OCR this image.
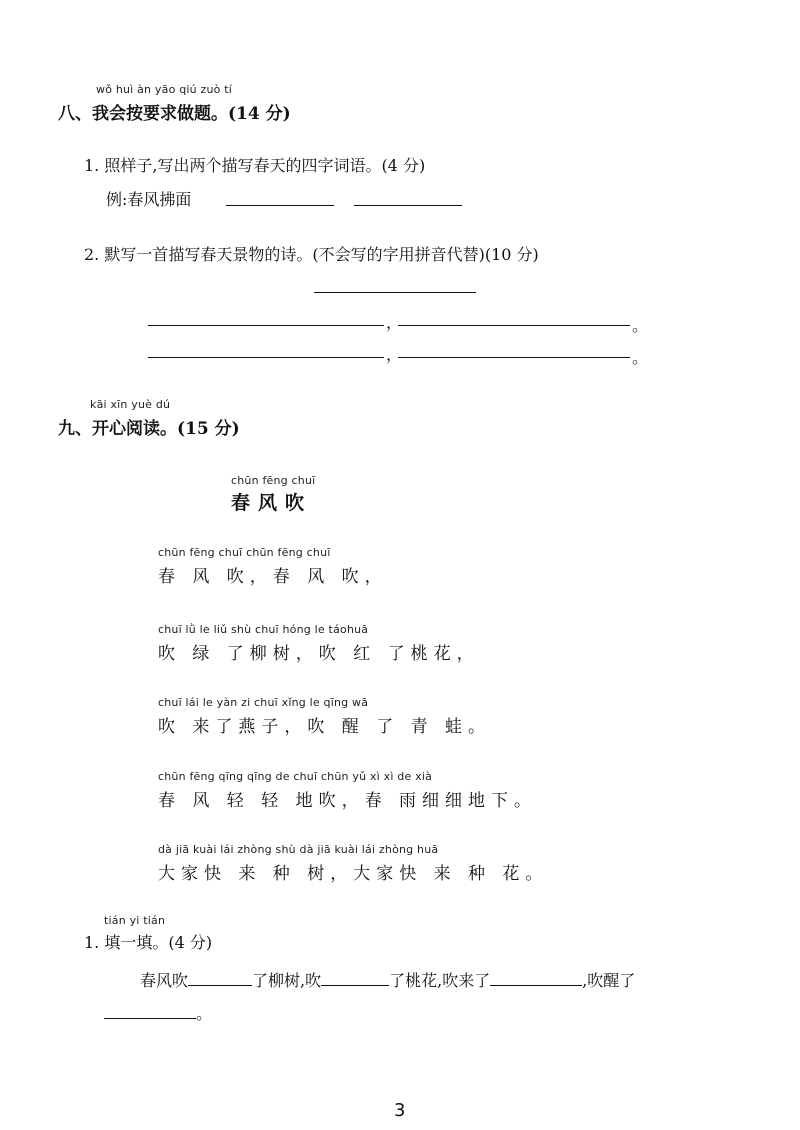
wǒ huì àn yāo qiú zuò tí
八、我会按要求做题。(14 分)
1. 照样子,写出两个描写春天的四字词语。(4 分)
例:春风拂面
2. 默写一首描写春天景物的诗。(不会写的字用拼音代替)(10 分)
，	。
，	。
kāi xīn yuè dú
九、开心阅读。(15 分)
chūn fēng chuī
春风吹
chūn fēng chuī chūn fēng chuī
春 风 吹，春 风 吹，
chuī lǜ le liǔ shù chuī hóng le táohuā
吹 绿 了柳树，吹 红 了桃花，
chuī lái le yàn zi chuī xǐng le qīng wā
吹 来了燕子，吹 醒 了 青 蛙。
chūn fēng qīng qīng de chuī chūn yǔ xì xì de xià
春 风 轻 轻 地吹，春 雨细细地下。
dà jiā kuài lái zhòng shù dà jiā kuài lái zhòng huā
大家快 来 种 树，大家快 来 种 花。
tián yi tián
1. 填一填。(4 分)
春风吹	了柳树,吹	了桃花,吹来了	,吹醒了
。
3
